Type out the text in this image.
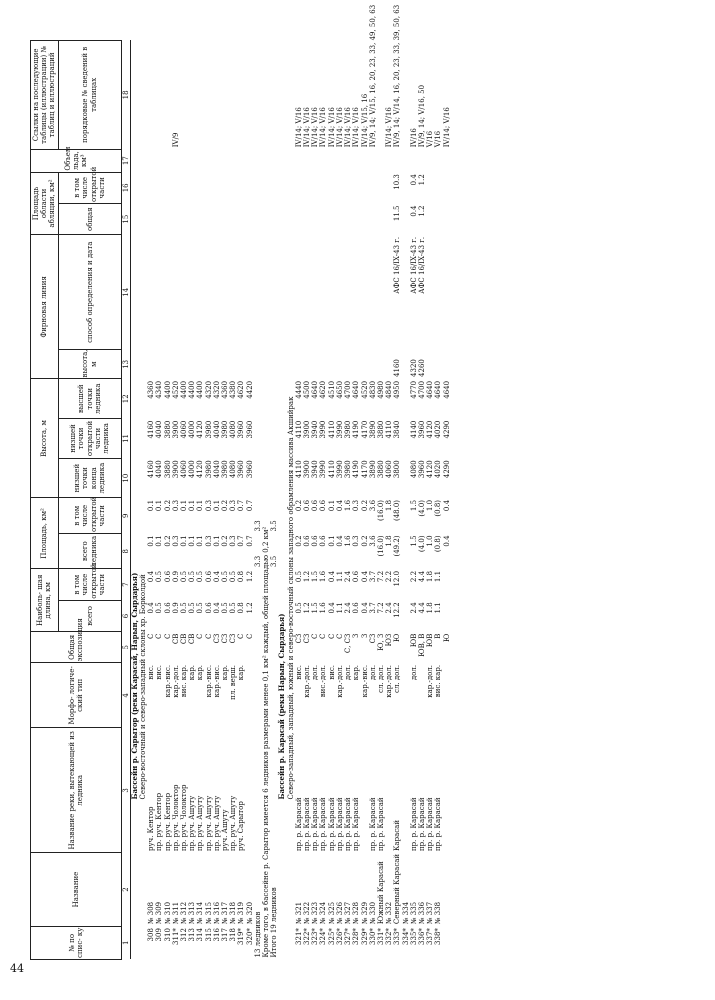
44
№ по спис- ку	Название	Название реки, вытекающей из ледника	Морфо- логиче- ский тип	Общая экспозиция	Наиболь- шая длина, км		Площадь, км²		Высота, м			Фирновая линия		Площадь области абляции, км²		Объем льда, км³	Ссылки на последующие таблицы (иллюстрации) № таблиц и иллюстраций
					всего	в том числе открытой части	всего ледника	в том числе открытой части	низшей точки конца ледника	низшей точки открытой части ледника	высшей точки ледника	высота, м	способ определения и дата	общая	в том числе открытой части		порядковые № сведений в таблицах
1	2	3	4	5	6	7	8	9	10	11	12	13	14	15	16	17	18
Бассейн р. Сарытор (реки Карасай, Нарын, Сырдарья)																	
Северо-восточный и северо-западный склоны хр. Борколдой																	
308	№ 308	руч. Кентор	вис.	С	0.4	0.4	0.1	0.1	4160	4160	4360						
309	№ 309	пр. руч. Кентор	вис.	С	0.5	0.5	0.1	0.1	4040	4040	4340						
310	№ 310	пр. руч. Кентор	кар.-вис.	С	0.6	0.6	0.2	0.2	3880	3880	4400						
311*	№ 311	пр. руч. Чолоктор	кар.-дол.	СВ	0.9	0.9	0.3	0.3	3900	3900	4520						IV/9
312	№ 312	пр. руч. Чолоктор	вис. кар.	СВ	0.5	0.5	0.1	0.1	4060	4060	4400						
313	№ 313	пр. руч. Ашуту	кар.	СВ	0.5	0.5	0.1	0.1	4000	4000	4400						
314	№ 314	пр. руч. Ашуту	кар.	С	0.5	0.5	0.1	0.1	4120	4120	4400						
315	№ 315	пр. руч. Ашуту	кар.-вис.	С	0.6	0.6	0.3	0.3	3980	3980	4320						
316	№ 316	пр. руч. Ашуту	кар.-вис.	СЗ	0.4	0.4	0.1	0.1	4040	4040	4320						
317	№ 317	руч. Ашуту	кар.	СЗ	0.5	0.5	0.2	0.2	3980	3980	4360						
318	№ 318	пр. руч. Ашуту	пл. верш.	СЗ	0.5	0.5	0.3	0.3	4080	4080	4380						
319*	№ 319	руч. Сарытор	кар.	С	0.8	0.8	0.7	0.7	3960	3960	4620						
320*	№ 320			С	1.2	1.2	0.7	0.7	3960	3960	4420						
13 ледников							3.3	3.3									
Кроме того, в бассейне р. Сарытор имеется 6 ледников размерами менее 0,1 км² каждый, общей площадью 0,2 км²																	
Итого 19 ледников							3.5	3.5									
Бассейн р. Карасай (реки Нарын, Сырдарья)																	
Северо-западный, западный, южный и северо-восточный склоны западного обрамления массива Акшийрак																	
321*	№ 321	пр. р. Карасай	вис.	СЗ	0.5	0.5	0.2	0.2	4110	4110	4440						IV/14; V/16
322*	№ 322	пр. р. Карасай	кар.-дол.	СЗ	1.2	1.2	0.6	0.6	3900	3900	4500						IV/14; V/16
323*	№ 323	пр. р. Карасай	дол.	С	1.5	1.5	0.6	0.6	3940	3940	4640						IV/14; V/16
324*	№ 324	пр. р. Карасай	вис.-дол.	С	1.6	1.6	0.6	0.6	3990	3990	4620						IV/14; V/16
325*	№ 325	пр. р. Карасай	вис.	С	0.4	0.4	0.1	0.1	4110	4110	4510						IV/14; V/16
326*	№ 326	пр. р. Карасай	кар.-дол.	С	1.1	1.1	0.4	0.4	3990	3990	4650						IV/14; V/16
327*	№ 327	пр. р. Карасай	дол.	С, СЗ	2.4	2.4	1.6	1.6	3980	3980	4700						IV/14; V/16
328*	№ 328	пр. р. Карасай	кар.	З	0.6	0.6	0.3	0.3	4190	4190	4640						IV/14; V/16
329*	№ 329		кар.-вис.	З	0.4	0.4	0.2	0.2	4170	4170	4520						IV/14; V/15, 16
330*	№ 330	пр. р. Карасай	дол.	СЗ	3.7	3.7	3.6	3.6	3890	3890	4830						IV/9, 14; V/15, 16, 20, 23, 33, 49, 50, 63
331*	Южный Карасай	пр. р. Карасай	сл. дол.	Ю, З	7.2	7.2	(16.0)	(16.0)	3880	3880	4980						
332*	№ 332		кар.-дол.	ЮЗ	2.4	2.2	1.8	1.8	4060	4110	4840						IV/14; V/16
333*	Северный Карасай	Карасай	сл. дол.	Ю	12.2	12.0	(49.2)	(48.0)	3800	3840	4950	4160	АФС 16/IX-43 г.	11.5	10.3		IV/9, 14; V/14, 16, 20, 23, 33, 39, 50, 63
334*	№ 334																
335*	№ 335	пр. р. Карасай	дол.	ЮВ	2.4	2.2	1.5	1.5	4080	4140	4770	4320	АФС 16/IX-43 г.	0.4	0.4		IV/16
336*	№ 336	пр. р. Карасай		ЮВ, В	4.4	4.4	(4.0)	(4.0)	3960	3960	4700	4260	АФС 16/IX-43 г.	1.2	1.2		IV/9, 14; V/16, 50
337*	№ 337	пр. р. Карасай	кар.-дол.	ЮВ	1.8	1.8	1.0	1.0	4120	4120	4640						V/16
338*	№ 338	пр. р. Карасай	вис. кар.	В	1.1	1.1	(0.8)	(0.8)	4020	4020	4640						V/16
				Ю			0.4	0.4	4290	4290	4640						IV/14; V/16
